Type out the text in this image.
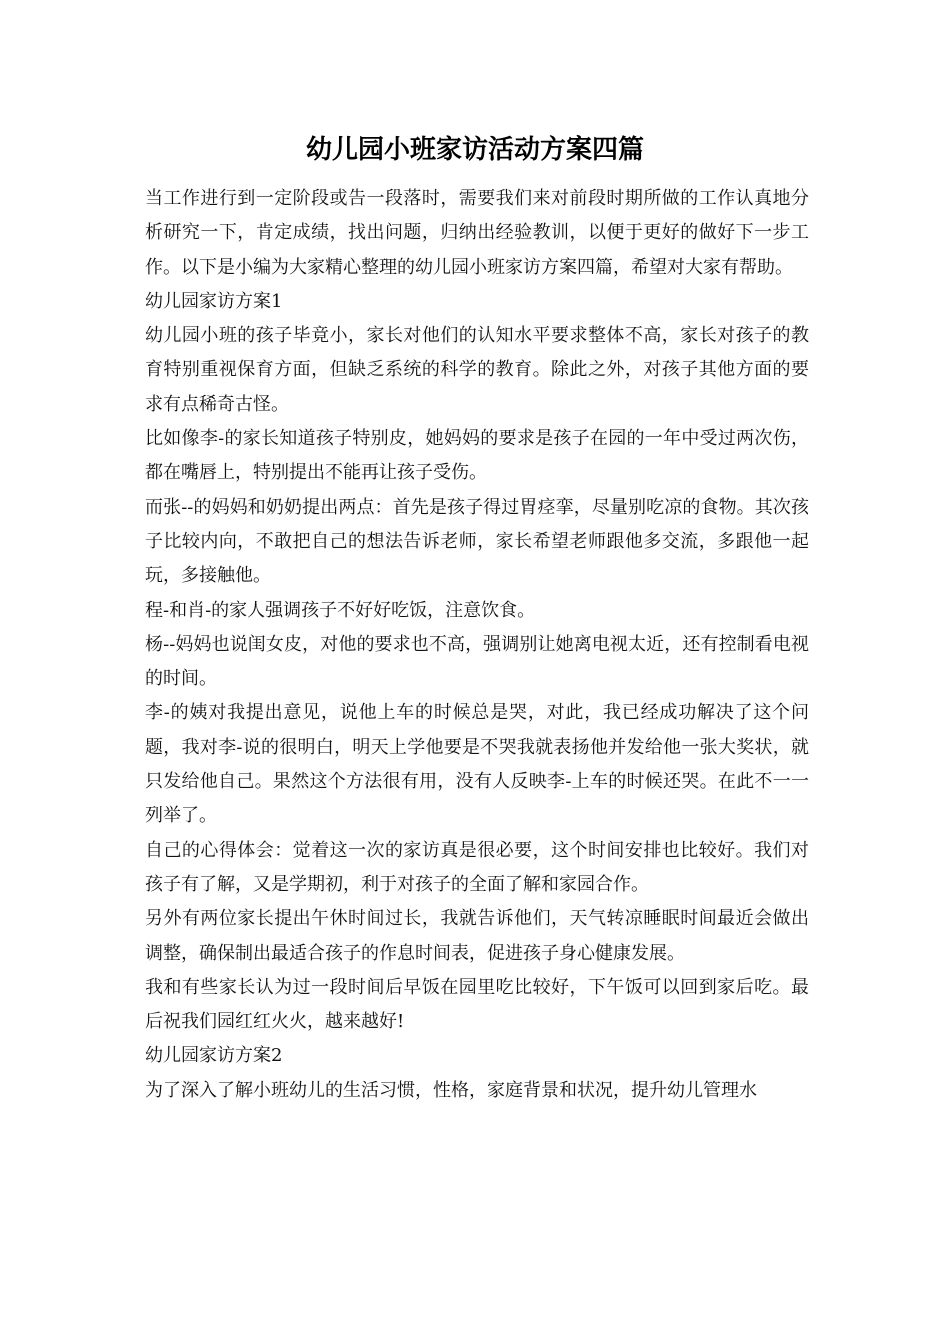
幼儿园小班家访活动方案四篇

当工作进行到一定阶段或告一段落时，需要我们来对前段时期所做的工作认真地分析研究一下，肯定成绩，找出问题，归纳出经验教训，以便于更好的做好下一步工作。以下是小编为大家精心整理的幼儿园小班家访方案四篇，希望对大家有帮助。

幼儿园家访方案1

幼儿园小班的孩子毕竟小，家长对他们的认知水平要求整体不高，家长对孩子的教育特别重视保育方面，但缺乏系统的科学的教育。除此之外，对孩子其他方面的要求有点稀奇古怪。

比如像李-的家长知道孩子特别皮，她妈妈的要求是孩子在园的一年中受过两次伤，都在嘴唇上，特别提出不能再让孩子受伤。

而张--的妈妈和奶奶提出两点：首先是孩子得过胃痉挛，尽量别吃凉的食物。其次孩子比较内向，不敢把自己的想法告诉老师，家长希望老师跟他多交流，多跟他一起玩，多接触他。

程-和肖-的家人强调孩子不好好吃饭，注意饮食。

杨--妈妈也说闺女皮，对他的要求也不高，强调别让她离电视太近，还有控制看电视的时间。

李-的姨对我提出意见，说他上车的时候总是哭，对此，我已经成功解决了这个问题，我对李-说的很明白，明天上学他要是不哭我就表扬他并发给他一张大奖状，就只发给他自己。果然这个方法很有用，没有人反映李-上车的时候还哭。在此不一一列举了。

自己的心得体会：觉着这一次的家访真是很必要，这个时间安排也比较好。我们对孩子有了解，又是学期初，利于对孩子的全面了解和家园合作。

另外有两位家长提出午休时间过长，我就告诉他们，天气转凉睡眠时间最近会做出调整，确保制出最适合孩子的作息时间表，促进孩子身心健康发展。

我和有些家长认为过一段时间后早饭在园里吃比较好，下午饭可以回到家后吃。最后祝我们园红红火火，越来越好!

幼儿园家访方案2

为了深入了解小班幼儿的生活习惯，性格，家庭背景和状况，提升幼儿管理水
